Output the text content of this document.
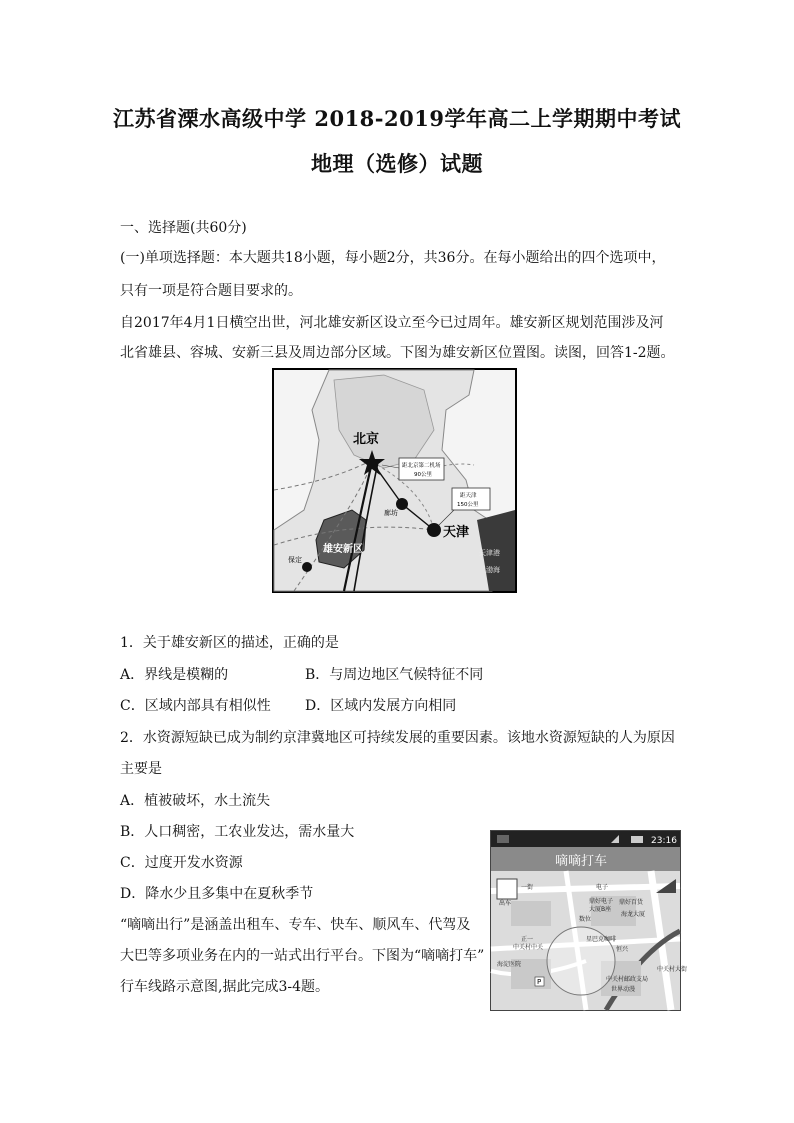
江苏省溧水高级中学 2018-2019学年高二上学期期中考试
地理（选修）试题
一、选择题(共60分)
(一)单项选择题：本大题共18小题，每小题2分，共36分。在每小题给出的四个选项中，
只有一项是符合题目要求的。
自2017年4月1日横空出世，河北雄安新区设立至今已过周年。雄安新区规划范围涉及河
北省雄县、容城、安新三县及周边部分区域。下图为雄安新区位置图。读图，回答1-2题。
北京
天津
雄安新区
廊坊
保定
天津港
渤海
距北京第二机场
90公里
距天津
150公里
1．关于雄安新区的描述，正确的是
A．界线是模糊的	B．与周边地区气候特征不同
C．区域内部具有相似性 D．区域内发展方向相同
2．水资源短缺已成为制约京津冀地区可持续发展的重要因素。该地水资源短缺的人为原因
主要是
A．植被破坏，水土流失
B．人口稠密，工农业发达，需水量大
C．过度开发水资源
D．降水少且多集中在夏秋季节
“嘀嘀出行”是涵盖出租车、专车、快车、顺风车、代驾及
大巴等多项业务在内的一站式出行平台。下图为“嘀嘀打车”
行车线路示意图,据此完成3-4题。
23:16
嘀嘀打车
出车
一街	电子
鼎好电子
大厦B座
海龙大厦
数位
鼎好百货
正一
中关村中关	恒兴
海淀医院
星巴克咖啡
中关村邮政支局
世界动漫
中关村大街
P
